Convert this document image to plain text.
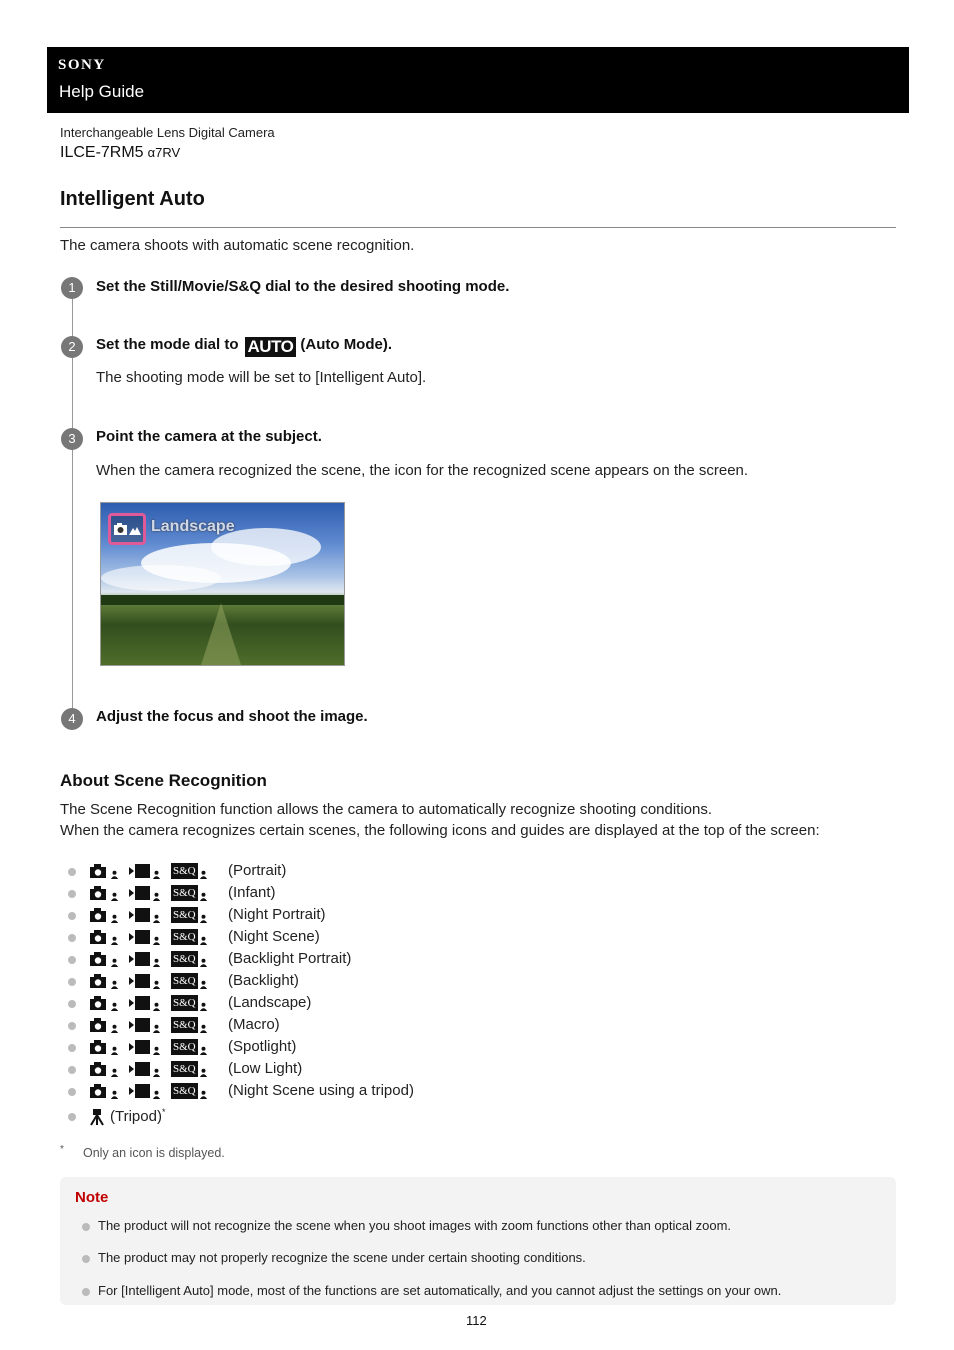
SONY
Help Guide
Interchangeable Lens Digital Camera
ILCE-7RM5 α7RV
Intelligent Auto
The camera shoots with automatic scene recognition.
1	Set the Still/Movie/S&Q dial to the desired shooting mode.
2	Set the mode dial to AUTO (Auto Mode).
The shooting mode will be set to [Intelligent Auto].
3	Point the camera at the subject.
When the camera recognized the scene, the icon for the recognized scene appears on the screen.
Landscape
4	Adjust the focus and shoot the image.
About Scene Recognition
The Scene Recognition function allows the camera to automatically recognize shooting conditions.
When the camera recognizes certain scenes, the following icons and guides are displayed at the top of the screen:
S&Q (Portrait)
S&Q (Infant)
S&Q (Night Portrait)
S&Q (Night Scene)
S&Q (Backlight Portrait)
S&Q (Backlight)
S&Q (Landscape)
S&Q (Macro)
S&Q (Spotlight)
S&Q (Low Light)
S&Q (Night Scene using a tripod)
(Tripod)*
* Only an icon is displayed.
Note
The product will not recognize the scene when you shoot images with zoom functions other than optical zoom.
The product may not properly recognize the scene under certain shooting conditions.
For [Intelligent Auto] mode, most of the functions are set automatically, and you cannot adjust the settings on your own.
112
